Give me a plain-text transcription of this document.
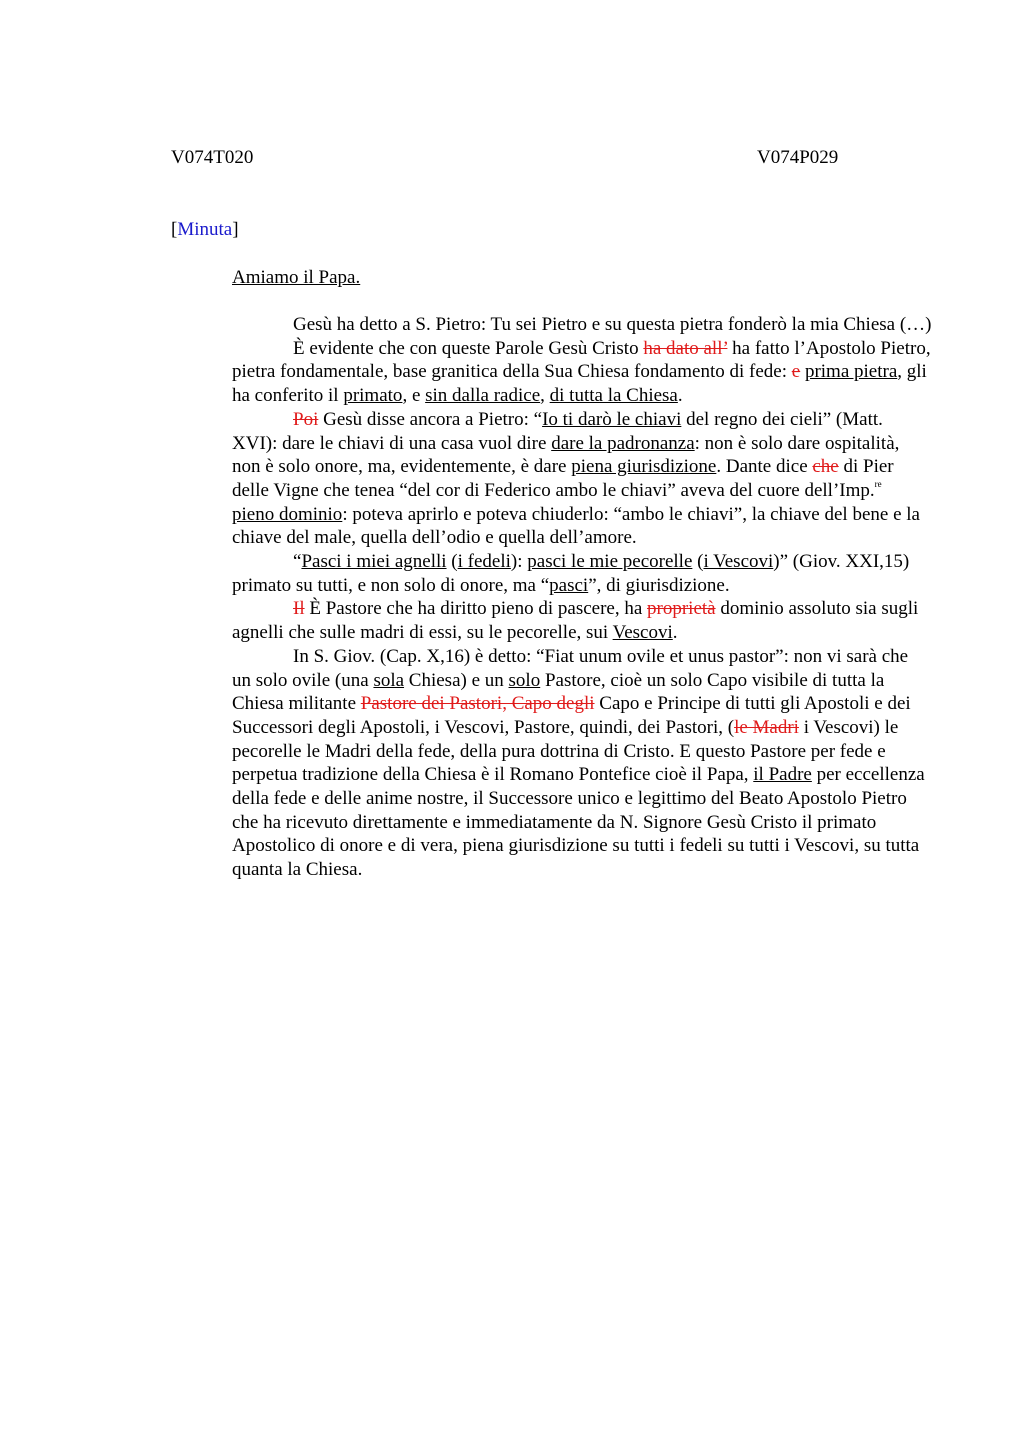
V074T020	V074P029
[Minuta]
Amiamo il Papa.

Gesù ha detto a S. Pietro: Tu sei Pietro e su questa pietra fonderò la mia Chiesa (…)

È evidente che con queste Parole Gesù Cristo ha dato all’ ha fatto l’Apostolo Pietro,
pietra fondamentale, base granitica della Sua Chiesa fondamento di fede: e prima pietra, gli
ha conferito il primato, e sin dalla radice, di tutta la Chiesa.

Poi Gesù disse ancora a Pietro: “Io ti darò le chiavi del regno dei cieli” (Matt.
XVI): dare le chiavi di una casa vuol dire dare la padronanza: non è solo dare ospitalità,
non è solo onore, ma, evidentemente, è dare piena giurisdizione. Dante dice che di Pier
delle Vigne che tenea “del cor di Federico ambo le chiavi” aveva del cuore dell’Imp.$^{re}$
pieno dominio: poteva aprirlo e poteva chiuderlo: “ambo le chiavi”, la chiave del bene e la
chiave del male, quella dell’odio e quella dell’amore.

“Pasci i miei agnelli (i fedeli): pasci le mie pecorelle (i Vescovi)” (Giov. XXI,15)
primato su tutti, e non solo di onore, ma “pasci”, di giurisdizione.

Il È Pastore che ha diritto pieno di pascere, ha proprietà dominio assoluto sia sugli
agnelli che sulle madri di essi, su le pecorelle, sui Vescovi.

In S. Giov. (Cap. X,16) è detto: “Fiat unum ovile et unus pastor”: non vi sarà che
un solo ovile (una sola Chiesa) e un solo Pastore, cioè un solo Capo visibile di tutta la
Chiesa militante Pastore dei Pastori, Capo degli Capo e Principe di tutti gli Apostoli e dei
Successori degli Apostoli, i Vescovi, Pastore, quindi, dei Pastori, (le Madri i Vescovi) le
pecorelle le Madri della fede, della pura dottrina di Cristo. E questo Pastore per fede e
perpetua tradizione della Chiesa è il Romano Pontefice cioè il Papa, il Padre per eccellenza
della fede e delle anime nostre, il Successore unico e legittimo del Beato Apostolo Pietro
che ha ricevuto direttamente e immediatamente da N. Signore Gesù Cristo il primato
Apostolico di onore e di vera, piena giurisdizione su tutti i fedeli su tutti i Vescovi, su tutta
quanta la Chiesa.
